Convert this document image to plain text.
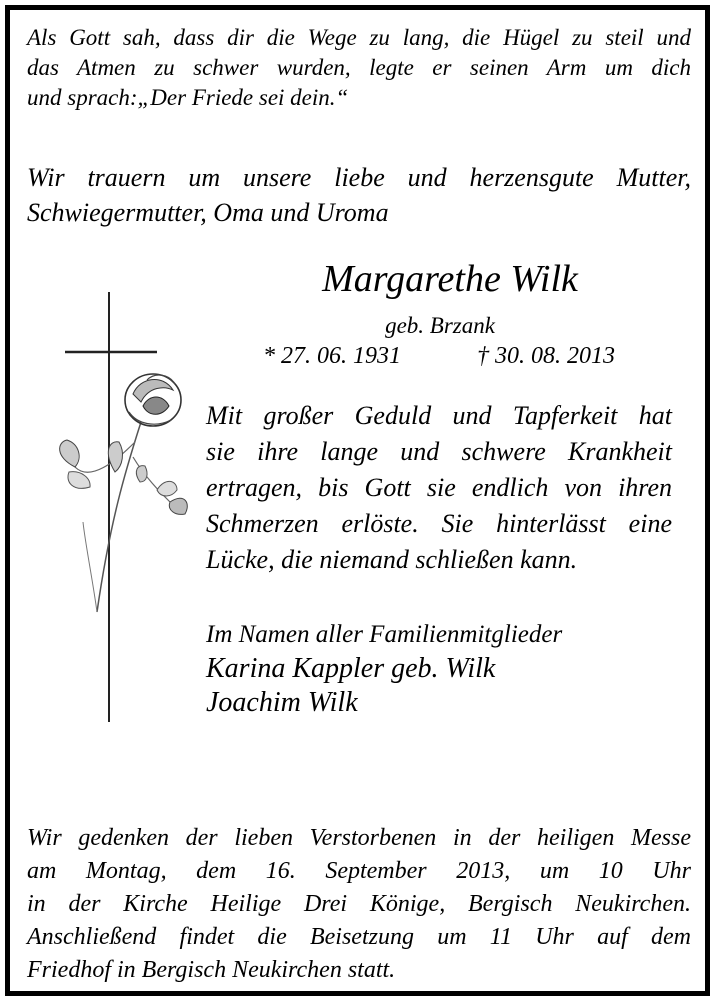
Als Gott sah, dass dir die Wege zu lang, die Hügel zu steil und
das Atmen zu schwer wurden, legte er seinen Arm um dich
und sprach:„Der Friede sei dein.“
Wir trauern um unsere liebe und herzensgute Mutter,
Schwiegermutter, Oma und Uroma
Margarethe Wilk
geb. Brzank
* 27. 06. 1931	† 30. 08. 2013
Mit großer Geduld und Tapferkeit hat
sie ihre lange und schwere Krankheit
ertragen, bis Gott sie endlich von ihren
Schmerzen erlöste. Sie hinterlässt eine
Lücke, die niemand schließen kann.
Im Namen aller Familienmitglieder
Karina Kappler geb. Wilk
Joachim Wilk
Wir gedenken der lieben Verstorbenen in der heiligen Messe
am Montag, dem 16. September 2013, um 10 Uhr
in der Kirche Heilige Drei Könige, Bergisch Neukirchen.
Anschließend findet die Beisetzung um 11 Uhr auf dem
Friedhof in Bergisch Neukirchen statt.
